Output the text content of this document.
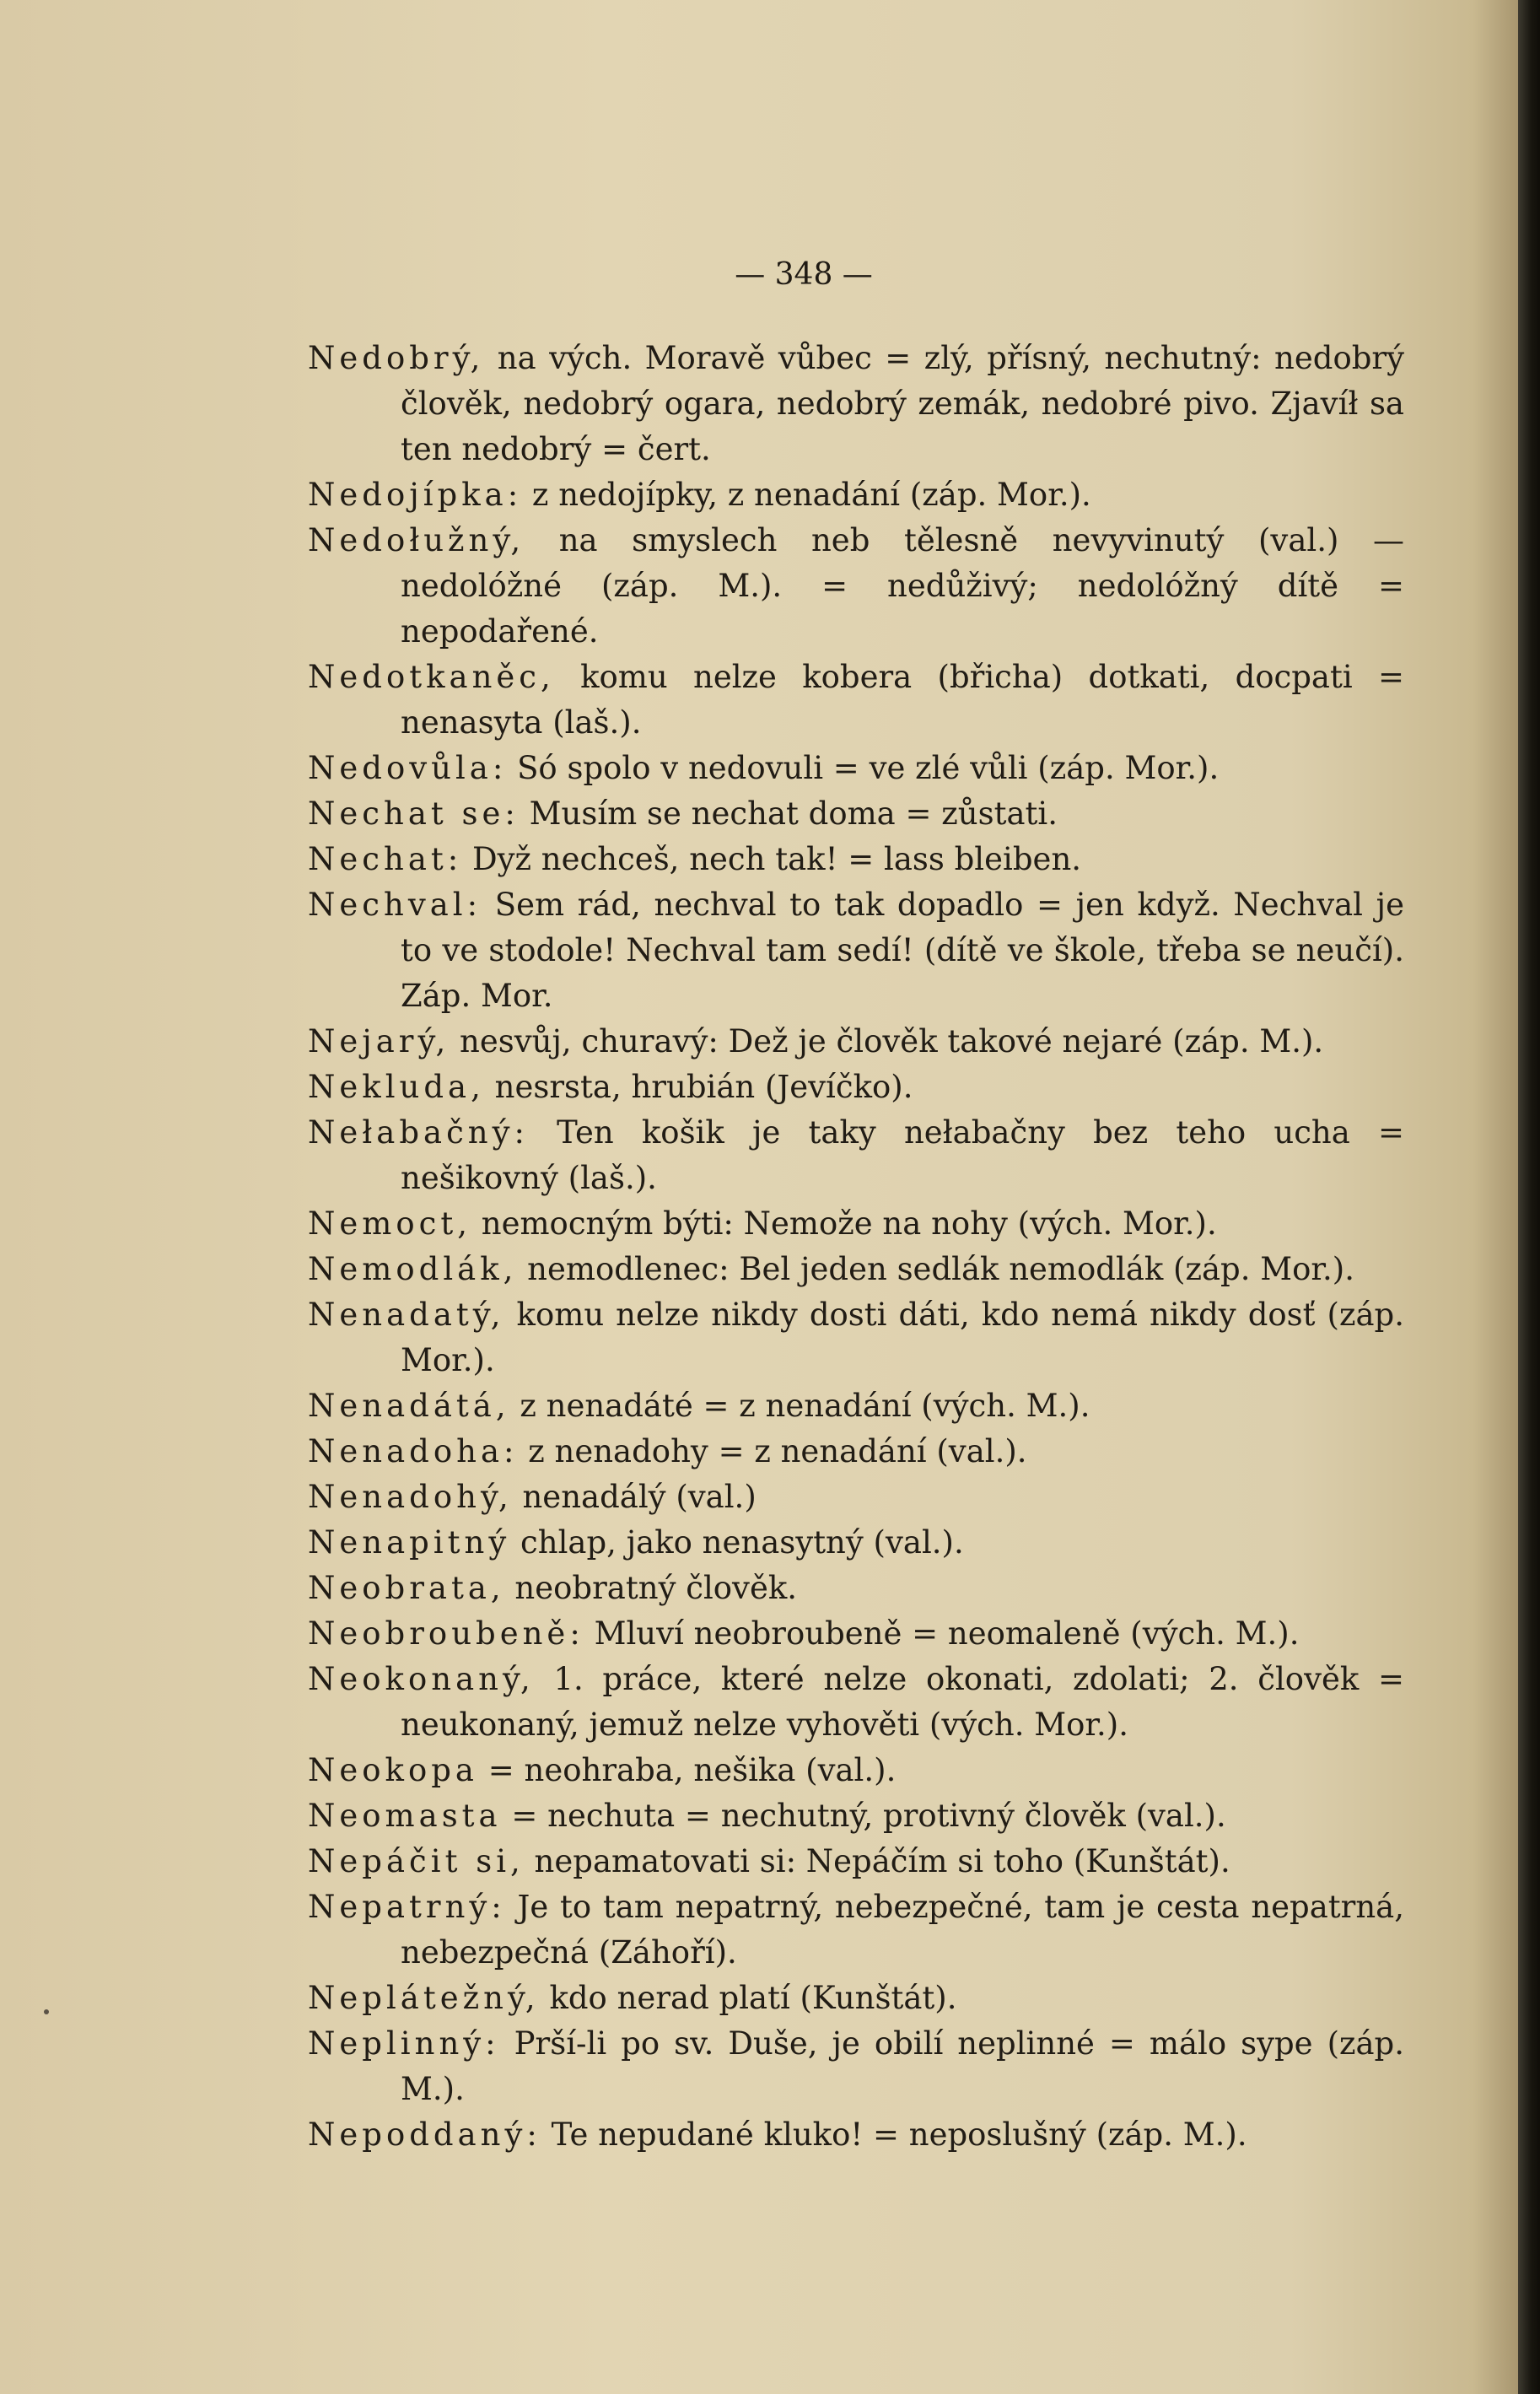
— 348 —

Nedobrý, na vých. Moravě vůbec = zlý, přísný, nechutný: nedobrý člověk, nedobrý ogara, nedobrý zemák, nedobré pivo. Zjavíł sa ten nedobrý = čert.

Nedojípka: z nedojípky, z nenadání (záp. Mor.).

Nedołužný, na smyslech neb tělesně nevyvinutý (val.) — nedolóžné (záp. M.). = nedůživý; nedolóžný dítě = nepodařené.

Nedotkaněc, komu nelze kobera (břicha) dotkati, docpati = nenasyta (laš.).

Nedovůla: Só spolo v nedovuli = ve zlé vůli (záp. Mor.).

Nechat se: Musím se nechat doma = zůstati.

Nechat: Dyž nechceš, nech tak! = lass bleiben.

Nechval: Sem rád, nechval to tak dopadlo = jen když. Nechval je to ve stodole! Nechval tam sedí! (dítě ve škole, třeba se neučí). Záp. Mor.

Nejarý, nesvůj, churavý: Dež je člověk takové nejaré (záp. M.).

Nekluda, nesrsta, hrubián (Jevíčko).

Nełabačný: Ten košik je taky nełabačny bez teho ucha = nešikovný (laš.).

Nemoct, nemocným býti: Nemože na nohy (vých. Mor.).

Nemodlák, nemodlenec: Bel jeden sedlák nemodlák (záp. Mor.).

Nenadatý, komu nelze nikdy dosti dáti, kdo nemá nikdy dosť (záp. Mor.).

Nenadátá, z nenadáté = z nenadání (vých. M.).

Nenadoha: z nenadohy = z nenadání (val.).

Nenadohý, nenadálý (val.)

Nenapitný chlap, jako nenasytný (val.).

Neobrata, neobratný člověk.

Neobroubeně: Mluví neobroubeně = neomaleně (vých. M.).

Neokonaný, 1. práce, které nelze okonati, zdolati; 2. člověk = neukonaný, jemuž nelze vyhověti (vých. Mor.).

Neokopa = neohraba, nešika (val.).

Neomasta = nechuta = nechutný, protivný člověk (val.).

Nepáčit si, nepamatovati si: Nepáčím si toho (Kunštát).

Nepatrný: Je to tam nepatrný, nebezpečné, tam je cesta nepatrná, nebezpečná (Záhoří).

Neplátežný, kdo nerad platí (Kunštát).

Neplinný: Prší-li po sv. Duše, je obilí neplinné = málo sype (záp. M.).

Nepoddaný: Te nepudané kluko! = neposlušný (záp. M.).
